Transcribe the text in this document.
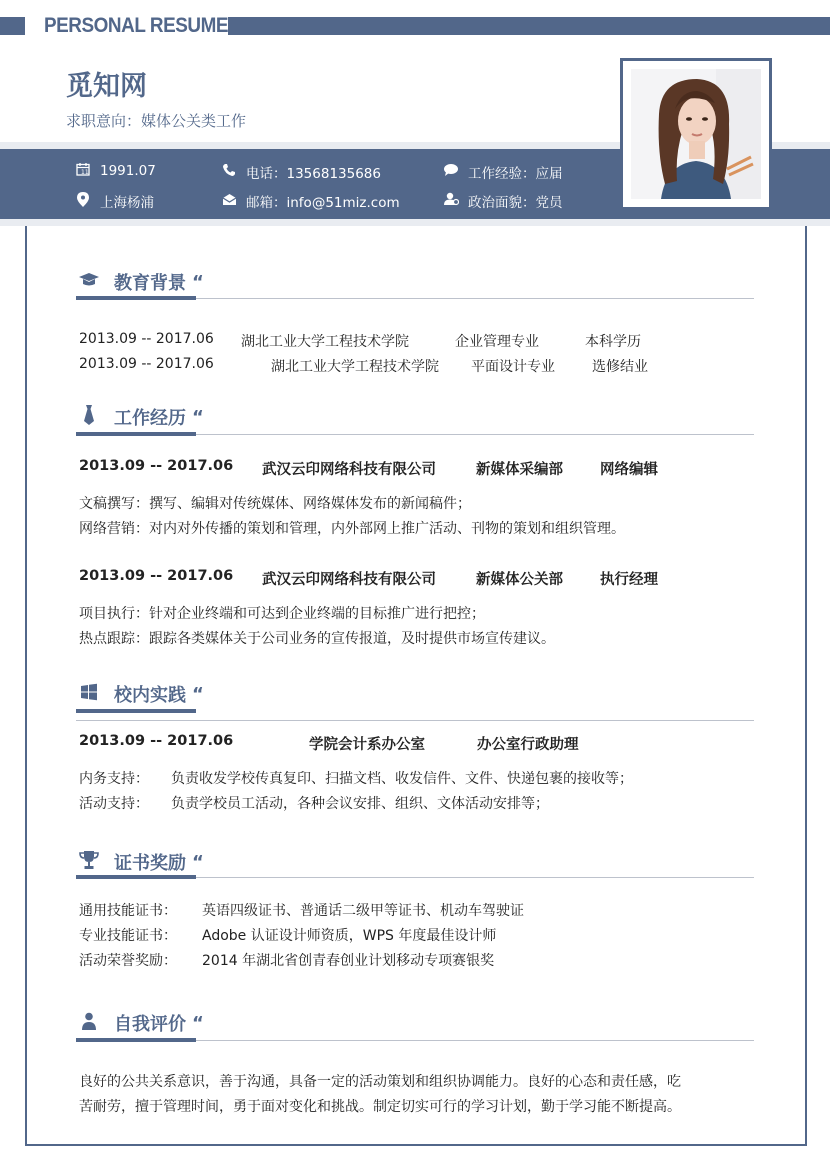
PERSONAL RESUME
觅知网
求职意向：媒体公关类工作
11 1991.07	电话：13568135686	工作经验：应届
上海杨浦	邮箱：info@51miz.com	政治面貌：党员
教育背景 “
2013.09 -- 2017.06 湖北工业大学工程技术学院	企业管理专业	本科学历
2013.09 -- 2017.06	湖北工业大学工程技术学院 平面设计专业	选修结业
工作经历 “
2013.09 -- 2017.06 武汉云印网络科技有限公司	新媒体采编部	网络编辑
文稿撰写：撰写、编辑对传统媒体、网络媒体发布的新闻稿件；
网络营销：对内对外传播的策划和管理，内外部网上推广活动、刊物的策划和组织管理。
2013.09 -- 2017.06 武汉云印网络科技有限公司	新媒体公关部	执行经理
项目执行：针对企业终端和可达到企业终端的目标推广进行把控；
热点跟踪：跟踪各类媒体关于公司业务的宣传报道，及时提供市场宣传建议。
校内实践 “
2013.09 -- 2017.06	学院会计系办公室	办公室行政助理
内务支持： 负责收发学校传真复印、扫描文档、收发信件、文件、快递包裹的接收等；
活动支持： 负责学校员工活动，各种会议安排、组织、文体活动安排等；
证书奖励 “
通用技能证书： 英语四级证书、普通话二级甲等证书、机动车驾驶证
专业技能证书： Adobe 认证设计师资质，WPS 年度最佳设计师
活动荣誉奖励： 2014 年湖北省创青春创业计划移动专项赛银奖
自我评价 “
良好的公共关系意识，善于沟通，具备一定的活动策划和组织协调能力。良好的心态和责任感，吃
苦耐劳，擅于管理时间，勇于面对变化和挑战。制定切实可行的学习计划，勤于学习能不断提高。
